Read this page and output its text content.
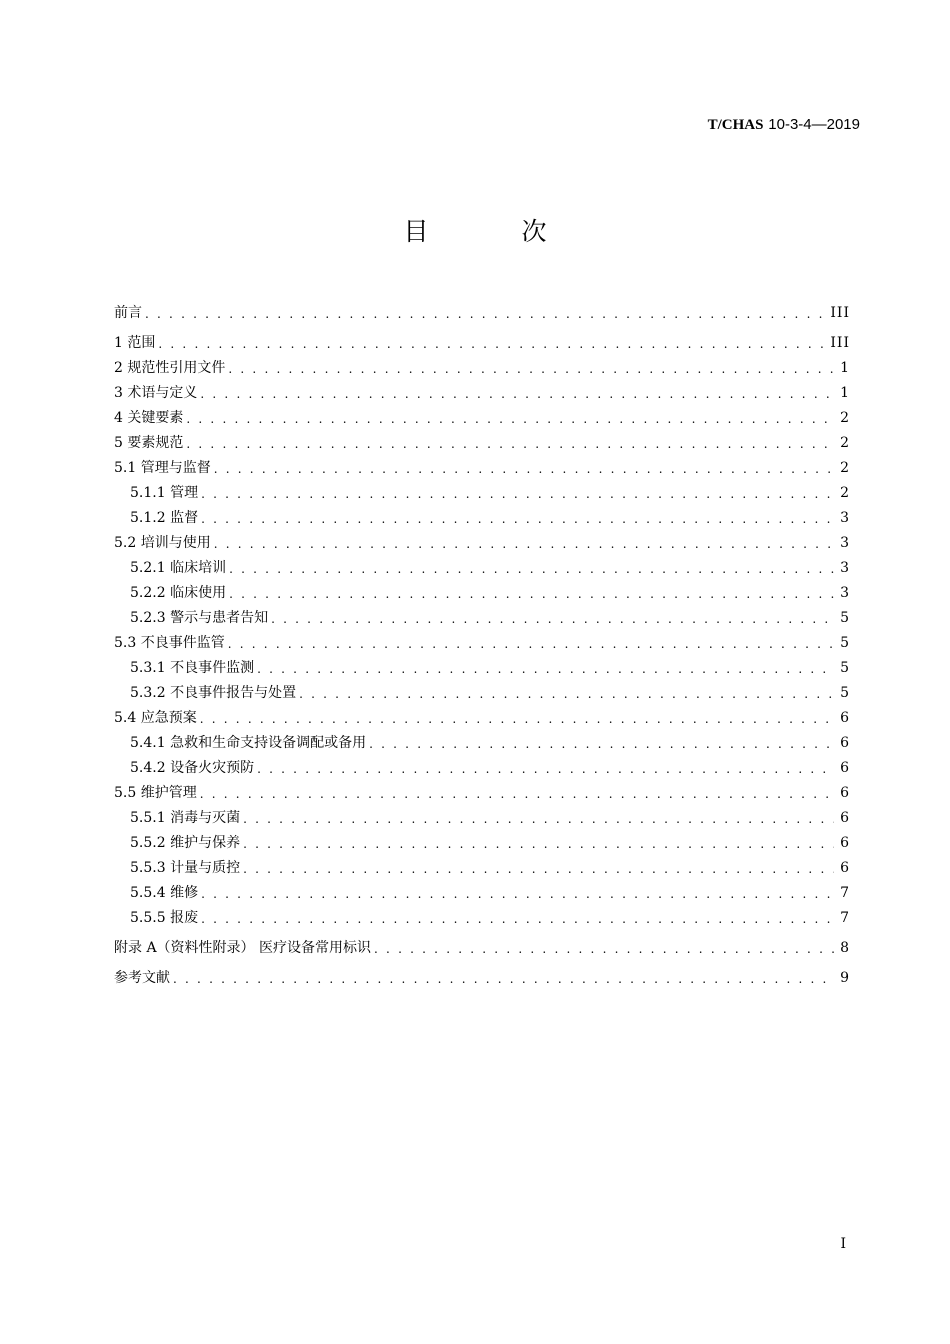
T/CHAS 10-3-4—2019
目　次
前言 . . .	III
1 范围 . . .	III
2 规范性引用文件 . . .	1
3 术语与定义 . . .	1
4 关键要素 . . .	2
5 要素规范 . . .	2
5.1 管理与监督 . . .	2
5.1.1 管理 . . .	2
5.1.2 监督 . . .	3
5.2 培训与使用 . . .	3
5.2.1 临床培训 . . .	3
5.2.2 临床使用 . . .	3
5.2.3 警示与患者告知 . . .	5
5.3 不良事件监管 . . .	5
5.3.1 不良事件监测 . . .	5
5.3.2 不良事件报告与处置 . . .	5
5.4 应急预案 . . .	6
5.4.1 急救和生命支持设备调配或备用 . . .	6
5.4.2 设备火灾预防 . . .	6
5.5 维护管理 . . .	6
5.5.1 消毒与灭菌 . . .	6
5.5.2 维护与保养 . . .	6
5.5.3 计量与质控 . . .	6
5.5.4 维修 . . .	7
5.5.5 报废 . . .	7
附录 A（资料性附录） 医疗设备常用标识 . . .	8
参考文献 . . .	9
I
